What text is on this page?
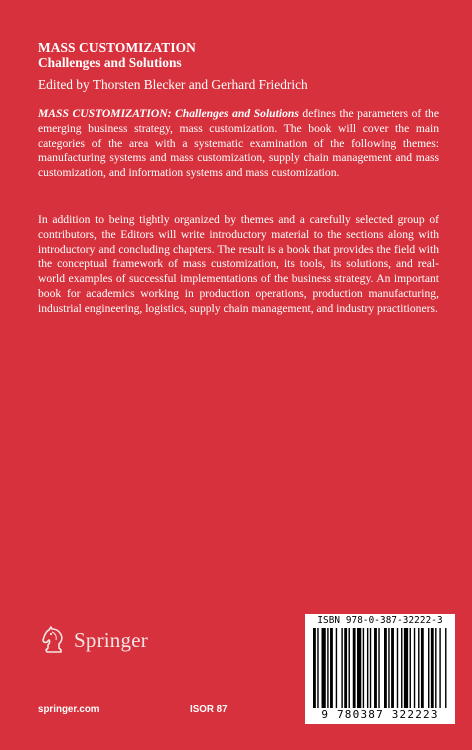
MASS CUSTOMIZATION
Challenges and Solutions
Edited by Thorsten Blecker and Gerhard Friedrich

MASS CUSTOMIZATION: Challenges and Solutions defines the parameters of the emerging business strategy, mass customization. The book will cover the main categories of the area with a systematic examination of the following themes: manufacturing systems and mass customization, supply chain management and mass customization, and information systems and mass customization.

In addition to being tightly organized by themes and a carefully selected group of contributors, the Editors will write introductory material to the sections along with introductory and concluding chapters. The result is a book that provides the field with the conceptual framework of mass customization, its tools, its solutions, and real-world examples of successful implementations of the business strategy. An important book for academics working in production operations, production manufacturing, industrial engineering, logistics, supply chain management, and industry practitioners.

Springer
springer.com	ISOR 87
ISBN 978-0-387-32222-3
9 780387 322223
